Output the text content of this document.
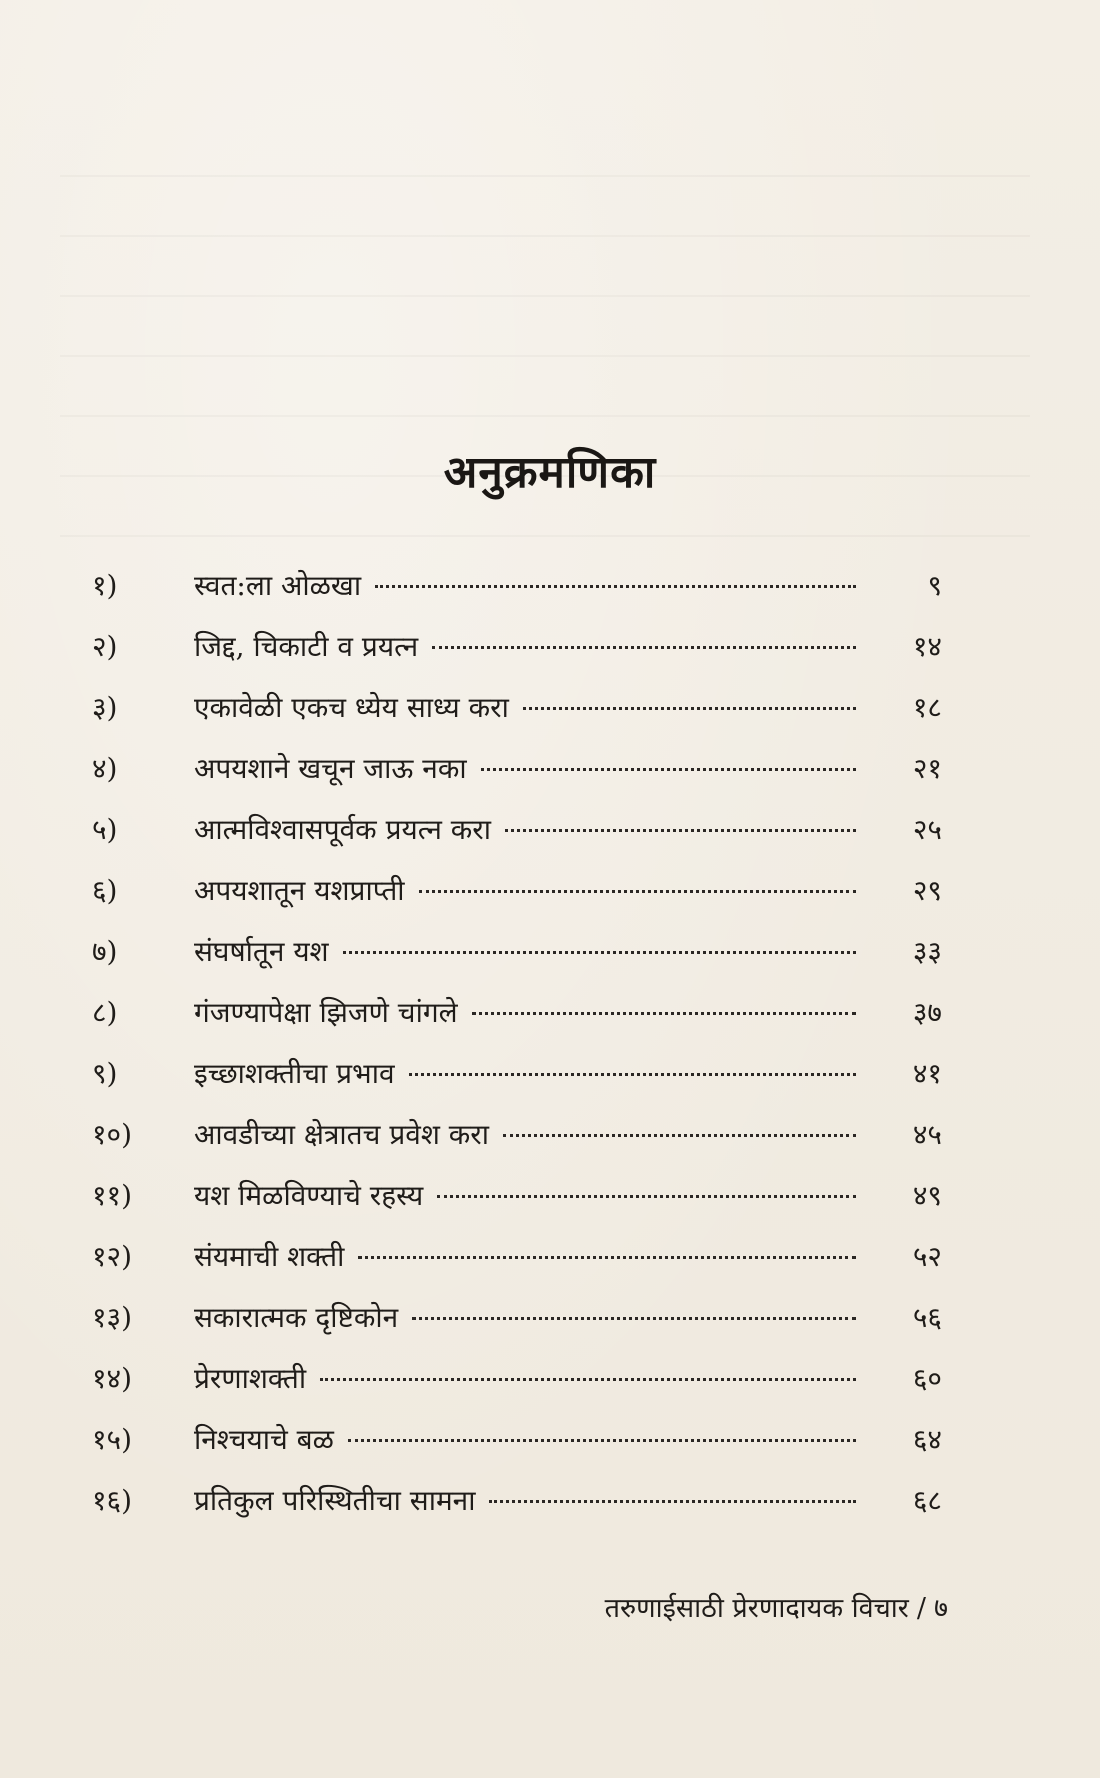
अनुक्रमणिका
१)	स्वत:ला ओळखा	९
२)	जिद्द, चिकाटी व प्रयत्न	१४
३)	एकावेळी एकच ध्येय साध्य करा	१८
४)	अपयशाने खचून जाऊ नका	२१
५)	आत्मविश्वासपूर्वक प्रयत्न करा	२५
६)	अपयशातून यशप्राप्ती	२९
७)	संघर्षातून यश	३३
८)	गंजण्यापेक्षा झिजणे चांगले	३७
९)	इच्छाशक्तीचा प्रभाव	४१
१०)	आवडीच्या क्षेत्रातच प्रवेश करा	४५
११)	यश मिळविण्याचे रहस्य	४९
१२)	संयमाची शक्ती	५२
१३)	सकारात्मक दृष्टिकोन	५६
१४)	प्रेरणाशक्ती	६०
१५)	निश्चयाचे बळ	६४
१६)	प्रतिकुल परिस्थितीचा सामना	६८
तरुणाईसाठी प्रेरणादायक विचार / ७
